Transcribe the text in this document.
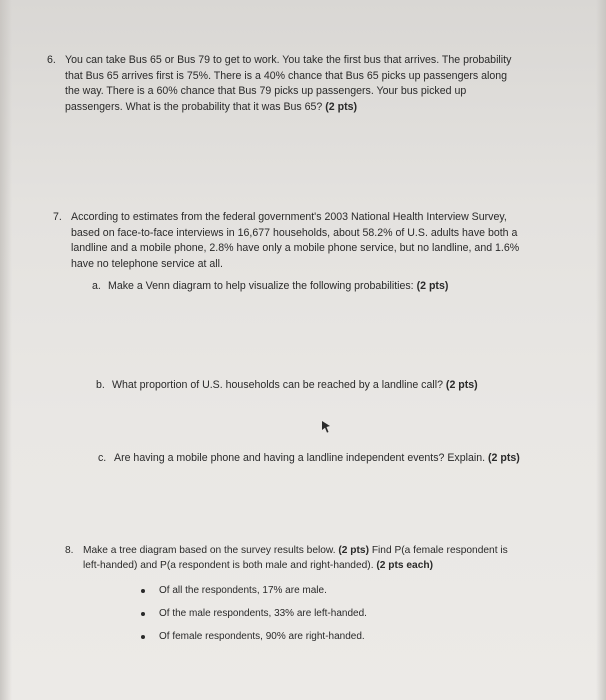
6. You can take Bus 65 or Bus 79 to get to work. You take the first bus that arrives. The probability
that Bus 65 arrives first is 75%. There is a 40% chance that Bus 65 picks up passengers along
the way. There is a 60% chance that Bus 79 picks up passengers. Your bus picked up
passengers. What is the probability that it was Bus 65? (2 pts)
7. According to estimates from the federal government's 2003 National Health Interview Survey,
based on face-to-face interviews in 16,677 households, about 58.2% of U.S. adults have both a
landline and a mobile phone, 2.8% have only a mobile phone service, but no landline, and 1.6%
have no telephone service at all.
a. Make a Venn diagram to help visualize the following probabilities: (2 pts)
b. What proportion of U.S. households can be reached by a landline call? (2 pts)
c. Are having a mobile phone and having a landline independent events? Explain. (2 pts)
8. Make a tree diagram based on the survey results below. (2 pts) Find P(a female respondent is
left-handed) and P(a respondent is both male and right-handed). (2 pts each)
Of all the respondents, 17% are male.
Of the male respondents, 33% are left-handed.
Of female respondents, 90% are right-handed.
